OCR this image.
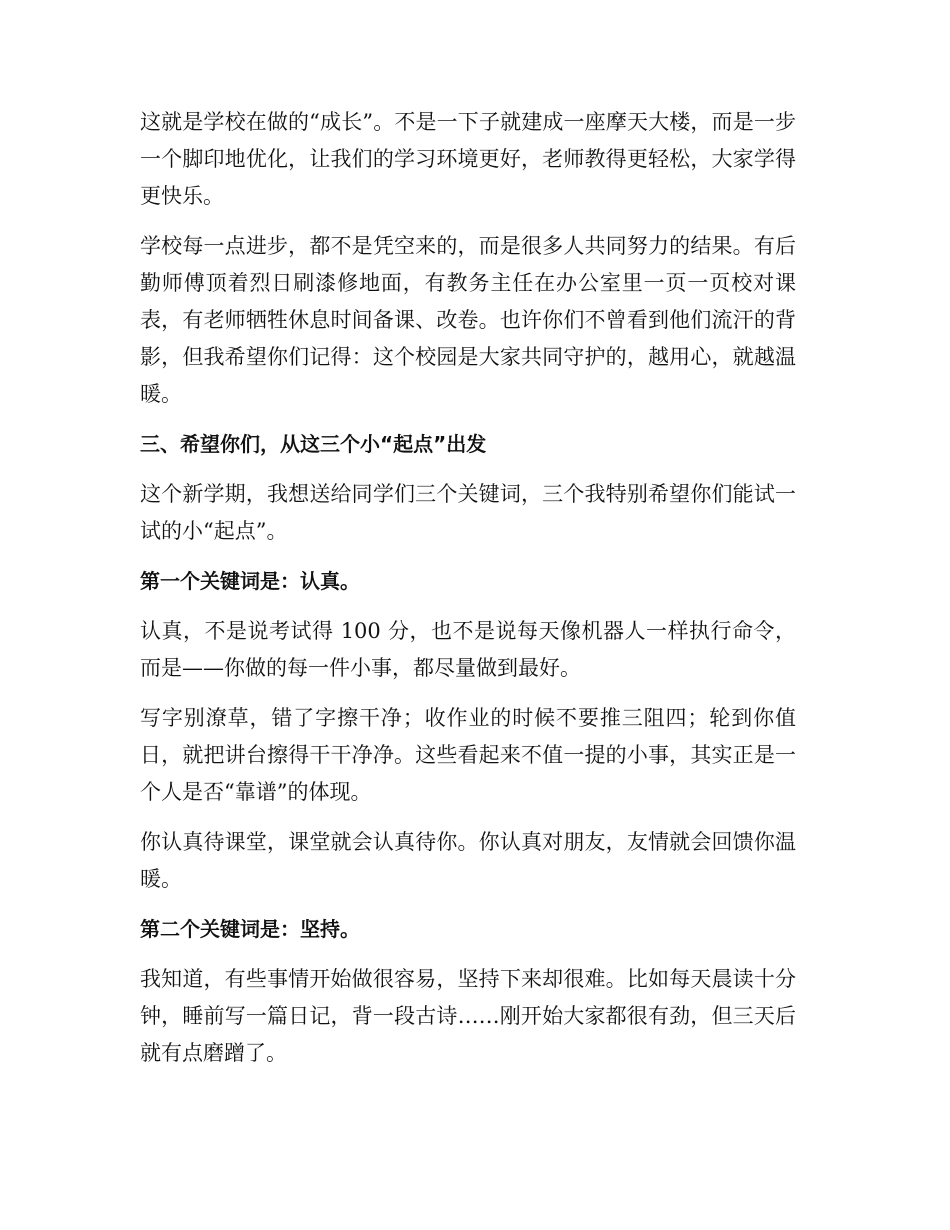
这就是学校在做的“成长”。不是一下子就建成一座摩天大楼，而是一步一个脚印地优化，让我们的学习环境更好，老师教得更轻松，大家学得更快乐。

学校每一点进步，都不是凭空来的，而是很多人共同努力的结果。有后勤师傅顶着烈日刷漆修地面，有教务主任在办公室里一页一页校对课表，有老师牺牲休息时间备课、改卷。也许你们不曾看到他们流汗的背影，但我希望你们记得：这个校园是大家共同守护的，越用心，就越温暖。

三、希望你们，从这三个小“起点”出发

这个新学期，我想送给同学们三个关键词，三个我特别希望你们能试一试的小“起点”。

第一个关键词是：认真。

认真，不是说考试得 100 分，也不是说每天像机器人一样执行命令，而是——你做的每一件小事，都尽量做到最好。

写字别潦草，错了字擦干净；收作业的时候不要推三阻四；轮到你值日，就把讲台擦得干干净净。这些看起来不值一提的小事，其实正是一个人是否“靠谱”的体现。

你认真待课堂，课堂就会认真待你。你认真对朋友，友情就会回馈你温暖。

第二个关键词是：坚持。

我知道，有些事情开始做很容易，坚持下来却很难。比如每天晨读十分钟，睡前写一篇日记，背一段古诗……刚开始大家都很有劲，但三天后就有点磨蹭了。
